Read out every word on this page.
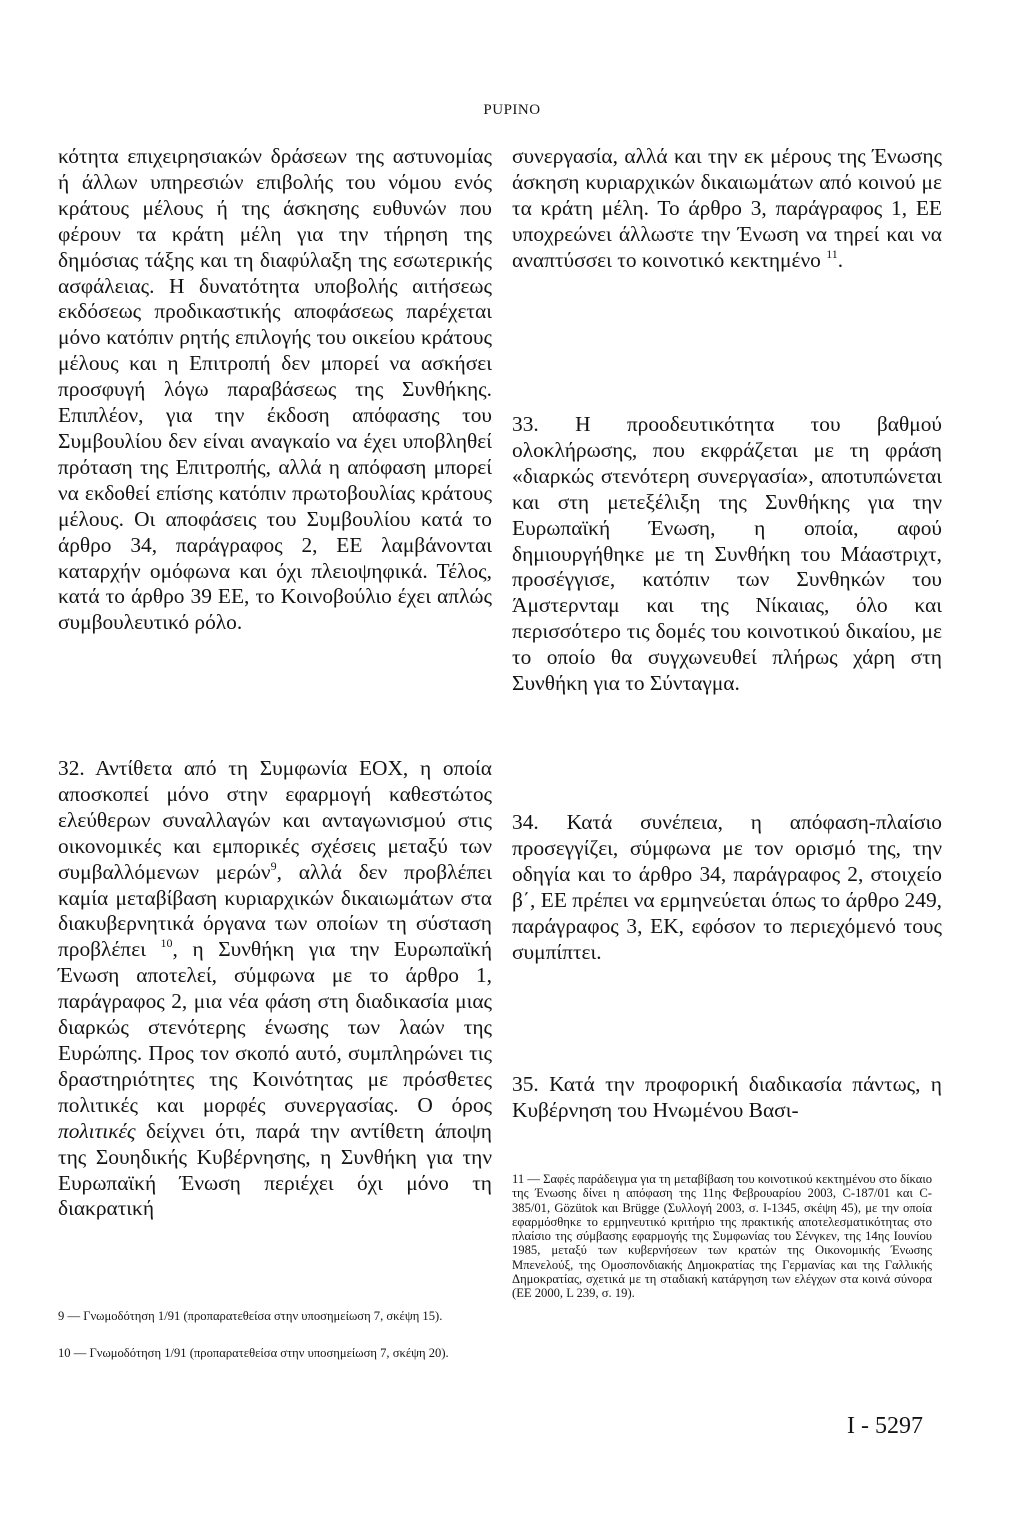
PUPINO

κότητα επιχειρησιακών δράσεων της αστυνομίας ή άλλων υπηρεσιών επιβολής του νόμου ενός κράτους μέλους ή της άσκησης ευθυνών που φέρουν τα κράτη μέλη για την τήρηση της δημόσιας τάξης και τη διαφύλαξη της εσωτερικής ασφάλειας. Η δυνατότητα υποβολής αιτήσεως εκδόσεως προδικαστικής αποφάσεως παρέχεται μόνο κατόπιν ρητής επιλογής του οικείου κράτους μέλους και η Επιτροπή δεν μπορεί να ασκήσει προσφυγή λόγω παραβάσεως της Συνθήκης. Επιπλέον, για την έκδοση απόφασης του Συμβουλίου δεν είναι αναγκαίο να έχει υποβληθεί πρόταση της Επιτροπής, αλλά η απόφαση μπορεί να εκδοθεί επίσης κατόπιν πρωτοβουλίας κράτους μέλους. Οι αποφάσεις του Συμβουλίου κατά το άρθρο 34, παράγραφος 2, ΕΕ λαμβάνονται καταρχήν ομόφωνα και όχι πλειοψηφικά. Τέλος, κατά το άρθρο 39 ΕΕ, το Κοινοβούλιο έχει απλώς συμβουλευτικό ρόλο.

32. Αντίθετα από τη Συμφωνία ΕΟΧ, η οποία αποσκοπεί μόνο στην εφαρμογή καθεστώτος ελεύθερων συναλλαγών και ανταγωνισμού στις οικονομικές και εμπορικές σχέσεις μεταξύ των συμβαλλόμενων μερών$^9$, αλλά δεν προβλέπει καμία μεταβίβαση κυριαρχικών δικαιωμάτων στα διακυβερνητικά όργανα των οποίων τη σύσταση προβλέπει $^{10}$, η Συνθήκη για την Ευρωπαϊκή Ένωση αποτελεί, σύμφωνα με το άρθρο 1, παράγραφος 2, μια νέα φάση στη διαδικασία μιας διαρκώς στενότερης ένωσης των λαών της Ευρώπης. Προς τον σκοπό αυτό, συμπληρώνει τις δραστηριότητες της Κοινότητας με πρόσθετες πολιτικές και μορφές συνεργασίας. Ο όρος πολιτικές δείχνει ότι, παρά την αντίθετη άποψη της Σουηδικής Κυβέρνησης, η Συνθήκη για την Ευρωπαϊκή Ένωση περιέχει όχι μόνο τη διακρατική

9 — Γνωμοδότηση 1/91 (προπαρατεθείσα στην υποσημείωση 7, σκέψη 15).
10 — Γνωμοδότηση 1/91 (προπαρατεθείσα στην υποσημείωση 7, σκέψη 20).

συνεργασία, αλλά και την εκ μέρους της Ένωσης άσκηση κυριαρχικών δικαιωμάτων από κοινού με τα κράτη μέλη. Το άρθρο 3, παράγραφος 1, ΕΕ υποχρεώνει άλλωστε την Ένωση να τηρεί και να αναπτύσσει το κοινοτικό κεκτημένο $^{11}$.

33. Η προοδευτικότητα του βαθμού ολοκλήρωσης, που εκφράζεται με τη φράση «διαρκώς στενότερη συνεργασία», αποτυπώνεται και στη μετεξέλιξη της Συνθήκης για την Ευρωπαϊκή Ένωση, η οποία, αφού δημιουργήθηκε με τη Συνθήκη του Μάαστριχτ, προσέγγισε, κατόπιν των Συνθηκών του Άμστερνταμ και της Νίκαιας, όλο και περισσότερο τις δομές του κοινοτικού δικαίου, με το οποίο θα συγχωνευθεί πλήρως χάρη στη Συνθήκη για το Σύνταγμα.

34. Κατά συνέπεια, η απόφαση-πλαίσιο προσεγγίζει, σύμφωνα με τον ορισμό της, την οδηγία και το άρθρο 34, παράγραφος 2, στοιχείο β΄, ΕΕ πρέπει να ερμηνεύεται όπως το άρθρο 249, παράγραφος 3, ΕΚ, εφόσον το περιεχόμενό τους συμπίπτει.

35. Κατά την προφορική διαδικασία πάντως, η Κυβέρνηση του Ηνωμένου Βασι-

11 — Σαφές παράδειγμα για τη μεταβίβαση του κοινοτικού κεκτημένου στο δίκαιο της Ένωσης δίνει η απόφαση της 11ης Φεβρουαρίου 2003, C-187/01 και C-385/01, Gözütok και Brügge (Συλλογή 2003, σ. I-1345, σκέψη 45), με την οποία εφαρμόσθηκε το ερμηνευτικό κριτήριο της πρακτικής αποτελεσματικότητας στο πλαίσιο της σύμβασης εφαρμογής της Συμφωνίας του Σένγκεν, της 14ης Ιουνίου 1985, μεταξύ των κυβερνήσεων των κρατών της Οικονομικής Ένωσης Μπενελούξ, της Ομοσπονδιακής Δημοκρατίας της Γερμανίας και της Γαλλικής Δημοκρατίας, σχετικά με τη σταδιακή κατάργηση των ελέγχων στα κοινά σύνορα (ΕΕ 2000, L 239, σ. 19).
I - 5297
